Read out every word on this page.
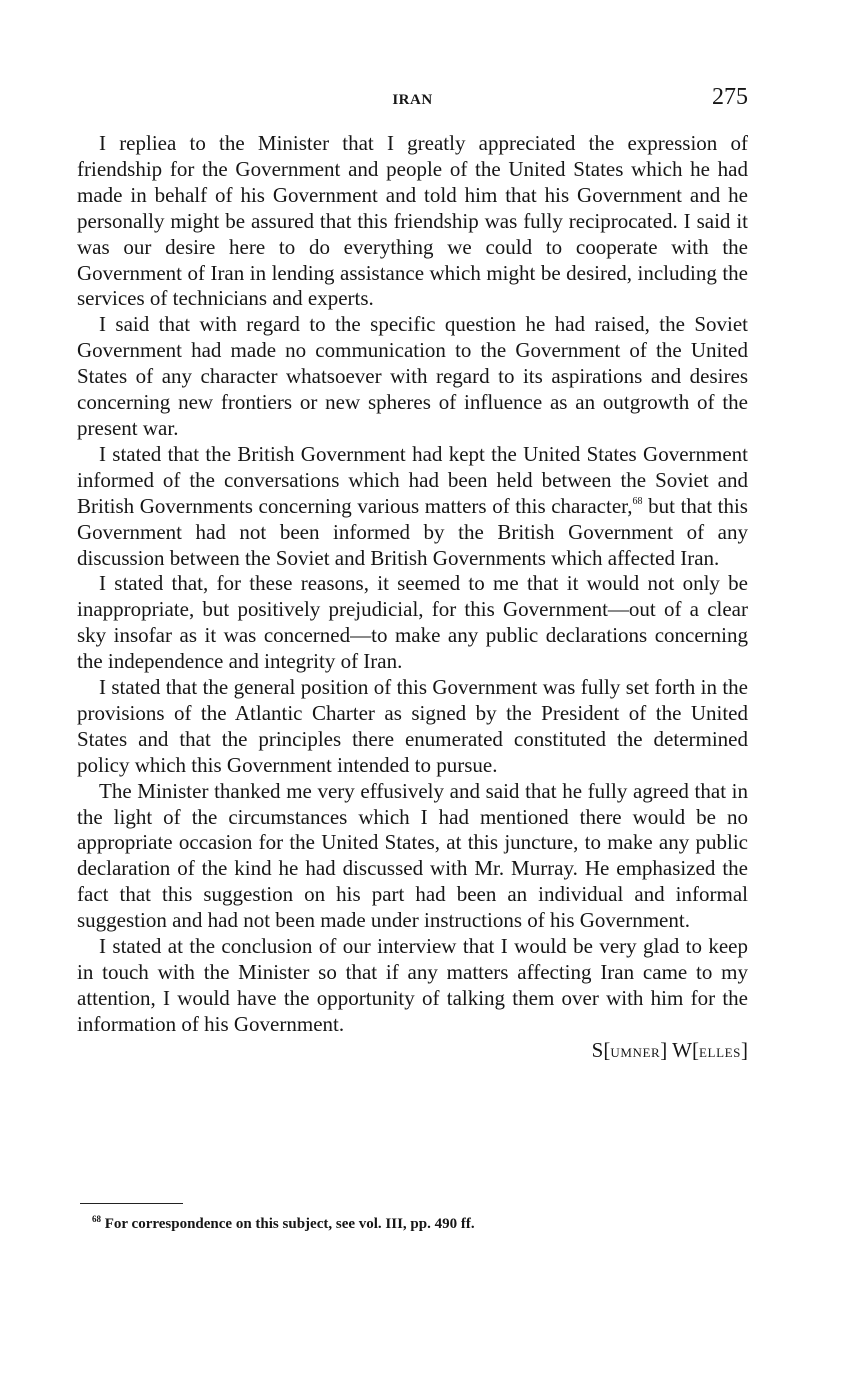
IRAN	275

I repliea to the Minister that I greatly appreciated the expression of friendship for the Government and people of the United States which he had made in behalf of his Government and told him that his Government and he personally might be assured that this friendship was fully reciprocated. I said it was our desire here to do everything we could to cooperate with the Government of Iran in lending assistance which might be desired, including the services of technicians and experts.

I said that with regard to the specific question he had raised, the Soviet Government had made no communication to the Government of the United States of any character whatsoever with regard to its aspirations and desires concerning new frontiers or new spheres of influence as an outgrowth of the present war.

I stated that the British Government had kept the United States Government informed of the conversations which had been held between the Soviet and British Governments concerning various matters of this character,$^{68}$ but that this Government had not been informed by the British Government of any discussion between the Soviet and British Governments which affected Iran.

I stated that, for these reasons, it seemed to me that it would not only be inappropriate, but positively prejudicial, for this Government—out of a clear sky insofar as it was concerned—to make any public declarations concerning the independence and integrity of Iran.

I stated that the general position of this Government was fully set forth in the provisions of the Atlantic Charter as signed by the President of the United States and that the principles there enumerated constituted the determined policy which this Government intended to pursue.

The Minister thanked me very effusively and said that he fully agreed that in the light of the circumstances which I had mentioned there would be no appropriate occasion for the United States, at this juncture, to make any public declaration of the kind he had discussed with Mr. Murray. He emphasized the fact that this suggestion on his part had been an individual and informal suggestion and had not been made under instructions of his Government.

I stated at the conclusion of our interview that I would be very glad to keep in touch with the Minister so that if any matters affecting Iran came to my attention, I would have the opportunity of talking them over with him for the information of his Government.

S[UMNER] W[ELLES]

$^{68}$ For correspondence on this subject, see vol. III, pp. 490 ff.
